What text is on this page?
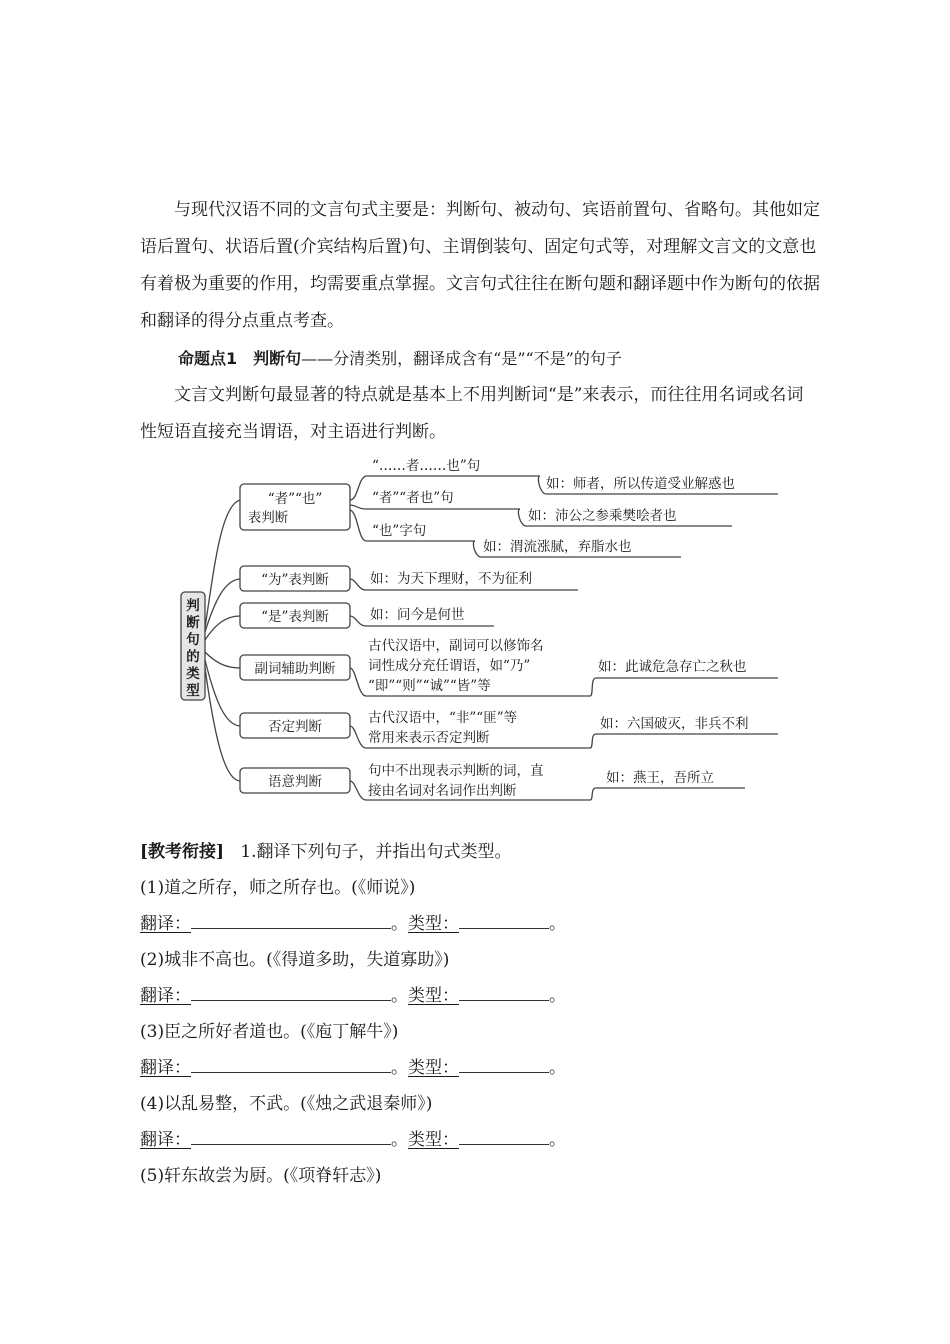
与现代汉语不同的文言句式主要是：判断句、被动句、宾语前置句、省略句。其他如定语后置句、状语后置(介宾结构后置)句、主谓倒装句、固定句式等，对理解文言文的文意也有着极为重要的作用，均需要重点掌握。文言句式往往在断句题和翻译题中作为断句的依据和翻译的得分点重点考查。

命题点1　判断句——分清类别，翻译成含有“是”“不是”的句子

文言文判断句最显著的特点就是基本上不用判断词“是”来表示，而往往用名词或名词性短语直接充当谓语，对主语进行判断。

判断句的类型
“者”“也”
表判断
“……者……也”句
“者”“者也”句
“也”字句
如：师者，所以传道受业解惑也
如：沛公之参乘樊哙者也
如：渭流涨腻，弃脂水也
“为”表判断	如：为天下理财，不为征利
“是”表判断	如：问今是何世
副词辅助判断
古代汉语中，副词可以修饰名
词性成分充任谓语，如“乃”
“即”“则”“诚”“皆”等
如：此诚危急存亡之秋也
否定判断
古代汉语中，“非”“匪”等
常用来表示否定判断
如：六国破灭，非兵不利
语意判断
句中不出现表示判断的词，直
接由名词对名词作出判断
如：燕王，吾所立
[教考衔接] 1.翻译下列句子，并指出句式类型。
(1)道之所存，师之所存也。(《师说》)
翻译：	。类型：	。
(2)城非不高也。(《得道多助，失道寡助》)
翻译：	。类型：	。
(3)臣之所好者道也。(《庖丁解牛》)
翻译：	。类型：	。
(4)以乱易整，不武。(《烛之武退秦师》)
翻译：	。类型：	。
(5)轩东故尝为厨。(《项脊轩志》)
